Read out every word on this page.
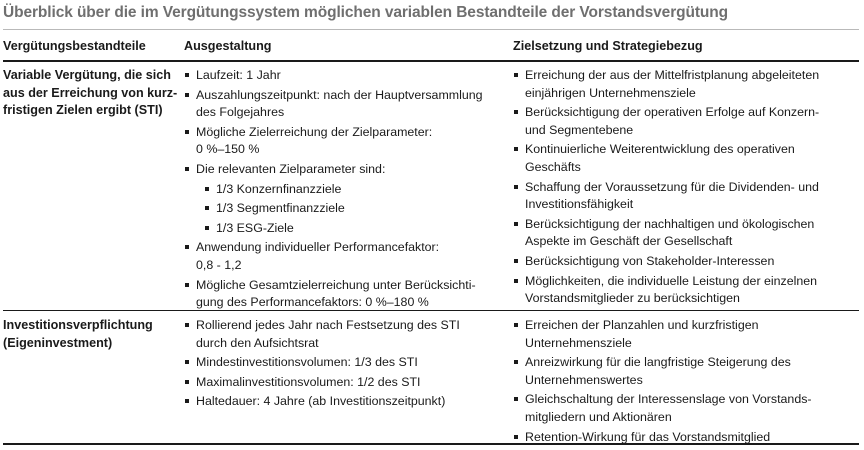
Überblick über die im Vergütungssystem möglichen variablen Bestandteile der Vorstandsvergütung
Vergütungsbestandteile	Ausgestaltung	Zielsetzung und Strategiebezug
Variable Vergütung, die sich
aus der Erreichung von kurz-
fristigen Zielen ergibt (STI)
Laufzeit: 1 Jahr
Auszahlungszeitpunkt: nach der Hauptversammlung
des Folgejahres
Mögliche Zielerreichung der Zielparameter:
0 %–150 %
Die relevanten Zielparameter sind:
1/3 Konzernfinanzziele
1/3 Segmentfinanzziele
1/3 ESG-Ziele
Anwendung individueller Performancefaktor:
0,8 - 1,2
Mögliche Gesamtzielerreichung unter Berücksichti-
gung des Performancefaktors: 0 %–180 %
Erreichung der aus der Mittelfristplanung abgeleiteten
einjährigen Unternehmensziele
Berücksichtigung der operativen Erfolge auf Konzern-
und Segmentebene
Kontinuierliche Weiterentwicklung des operativen
Geschäfts
Schaffung der Voraussetzung für die Dividenden- und
Investitionsfähigkeit
Berücksichtigung der nachhaltigen und ökologischen
Aspekte im Geschäft der Gesellschaft
Berücksichtigung von Stakeholder-Interessen
Möglichkeiten, die individuelle Leistung der einzelnen
Vorstandsmitglieder zu berücksichtigen
Investitionsverpflichtung
(Eigeninvestment)
Rollierend jedes Jahr nach Festsetzung des STI
durch den Aufsichtsrat
Mindestinvestitionsvolumen: 1/3 des STI
Maximalinvestitionsvolumen: 1/2 des STI
Haltedauer: 4 Jahre (ab Investitionszeitpunkt)
Erreichen der Planzahlen und kurzfristigen
Unternehmensziele
Anreizwirkung für die langfristige Steigerung des
Unternehmenswertes
Gleichschaltung der Interessenslage von Vorstands-
mitgliedern und Aktionären
Retention-Wirkung für das Vorstandsmitglied
